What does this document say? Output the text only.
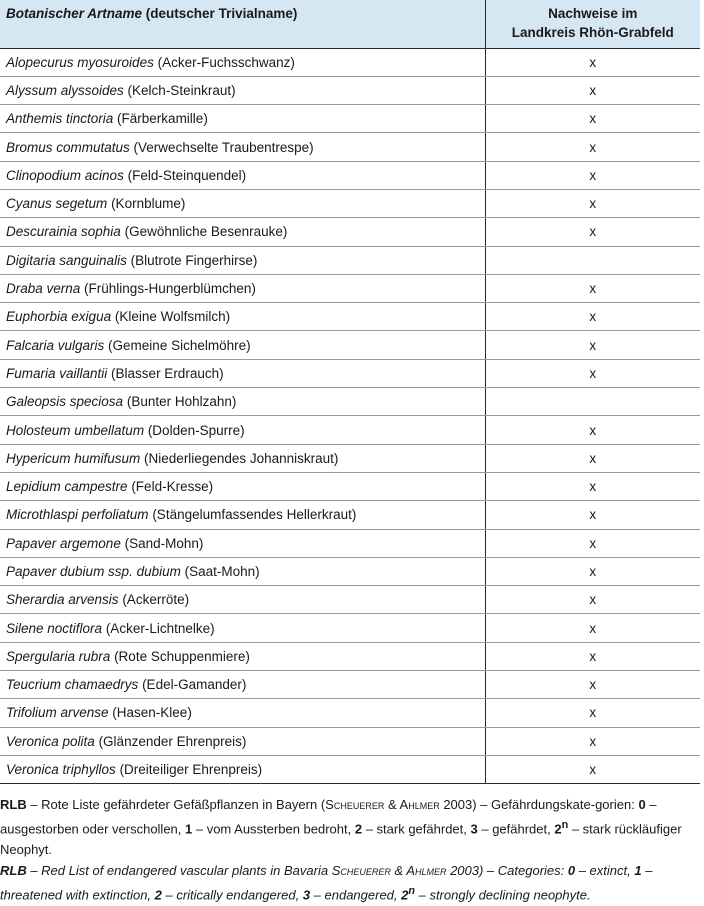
Botanischer Artname (deutscher Trivialname)	Nachweise im
Landkreis Rhön-Grabfeld
Alopecurus myosuroides (Acker-Fuchsschwanz)	x
Alyssum alyssoides (Kelch-Steinkraut)	x
Anthemis tinctoria (Färberkamille)	x
Bromus commutatus (Verwechselte Traubentrespe)	x
Clinopodium acinos (Feld-Steinquendel)	x
Cyanus segetum (Kornblume)	x
Descurainia sophia (Gewöhnliche Besenrauke)	x
Digitaria sanguinalis (Blutrote Fingerhirse)	
Draba verna (Frühlings-Hungerblümchen)	x
Euphorbia exigua (Kleine Wolfsmilch)	x
Falcaria vulgaris (Gemeine Sichelmöhre)	x
Fumaria vaillantii (Blasser Erdrauch)	x
Galeopsis speciosa (Bunter Hohlzahn)	
Holosteum umbellatum (Dolden-Spurre)	x
Hypericum humifusum (Niederliegendes Johanniskraut)	x
Lepidium campestre (Feld-Kresse)	x
Microthlaspi perfoliatum (Stängelumfassendes Hellerkraut)	x
Papaver argemone (Sand-Mohn)	x
Papaver dubium ssp. dubium (Saat-Mohn)	x
Sherardia arvensis (Ackerröte)	x
Silene noctiflora (Acker-Lichtnelke)	x
Spergularia rubra (Rote Schuppenmiere)	x
Teucrium chamaedrys (Edel-Gamander)	x
Trifolium arvense (Hasen-Klee)	x
Veronica polita (Glänzender Ehrenpreis)	x
Veronica triphyllos (Dreiteiliger Ehrenpreis)	x

RLB – Rote Liste gefährdeter Gefäßpflanzen in Bayern (Scheuerer & Ahlmer 2003) – Gefährdungskate-gorien: 0 – ausgestorben oder verschollen, 1 – vom Aussterben bedroht, 2 – stark gefährdet, 3 – gefährdet, 2$^n$ – stark rückläufiger Neophyt.

RLB – Red List of endangered vascular plants in Bavaria Scheuerer & Ahlmer 2003) – Categories: 0 – extinct, 1 – threatened with extinction, 2 – critically endangered, 3 – endangered, 2$^n$ – strongly declining neophyte.
